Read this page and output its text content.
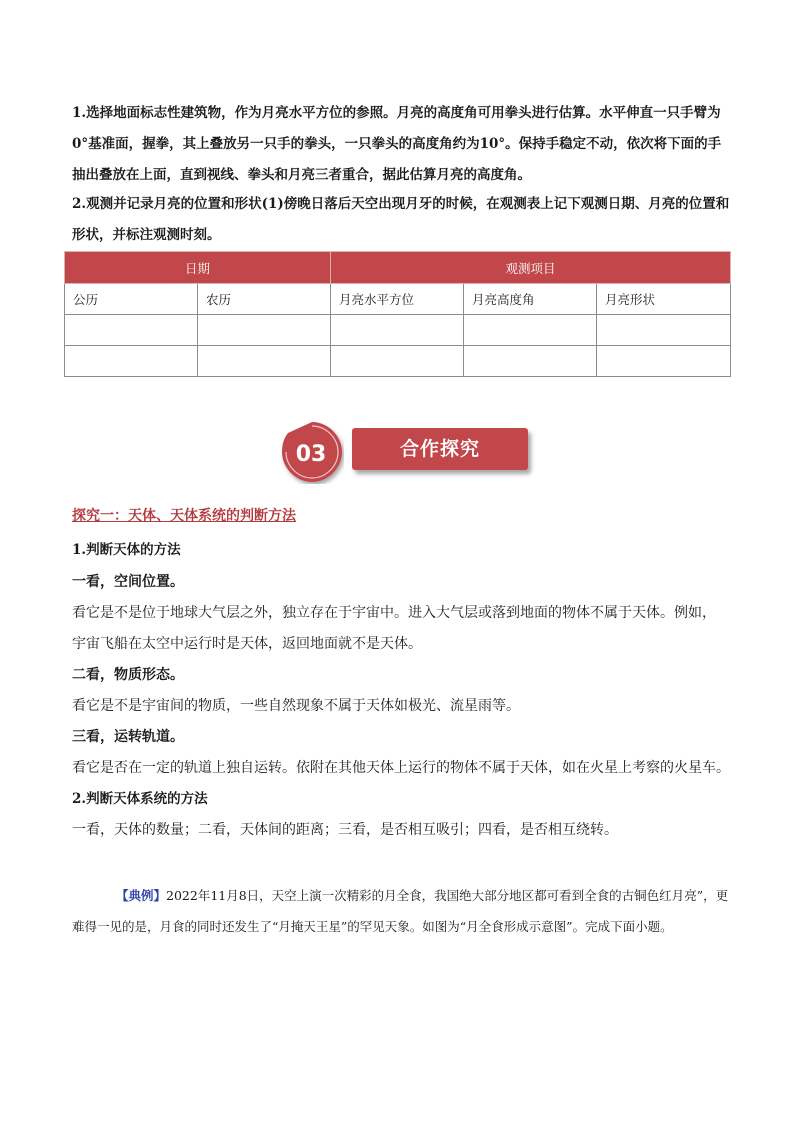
1.选择地面标志性建筑物，作为月亮水平方位的参照。月亮的高度角可用拳头进行估算。水平伸直一只手臂为0°基准面，握拳，其上叠放另一只手的拳头，一只拳头的高度角约为10°。保持手稳定不动，依次将下面的手抽出叠放在上面，直到视线、拳头和月亮三者重合，据此估算月亮的高度角。

2.观测并记录月亮的位置和形状(1)傍晚日落后天空出现月牙的时候，在观测表上记下观测日期、月亮的位置和形状，并标注观测时刻。

日期		观测项目		
公历	农历	月亮水平方位	月亮高度角	月亮形状

03	合作探究

探究一：天体、天体系统的判断方法

1.判断天体的方法

一看，空间位置。

看它是不是位于地球大气层之外，独立存在于宇宙中。进入大气层或落到地面的物体不属于天体。例如，

宇宙飞船在太空中运行时是天体，返回地面就不是天体。

二看，物质形态。

看它是不是宇宙间的物质，一些自然现象不属于天体如极光、流星雨等。

三看，运转轨道。

看它是否在一定的轨道上独自运转。依附在其他天体上运行的物体不属于天体，如在火星上考察的火星车。

2.判断天体系统的方法

一看，天体的数量；二看，天体间的距离；三看，是否相互吸引；四看，是否相互绕转。

【典例】2022年11月8日，天空上演一次精彩的月全食，我国绝大部分地区都可看到全食的古铜色红月亮”，更难得一见的是，月食的同时还发生了“月掩天王星”的罕见天象。如图为“月全食形成示意图”。完成下面小题。
